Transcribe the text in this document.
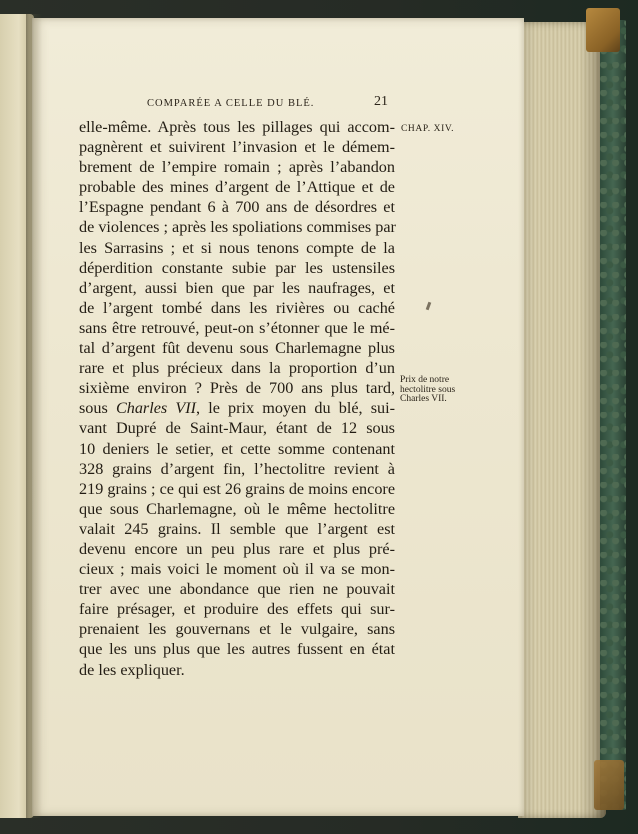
COMPARÉE A CELLE DU BLÉ.	21
CHAP. XIV.
Prix de notre
hectolitre sous
Charles VII.
elle-même. Après tous les pillages qui accom-
pagnèrent et suivirent l’invasion et le démem-
brement de l’empire romain ; après l’abandon
probable des mines d’argent de l’Attique et de
l’Espagne pendant 6 à 700 ans de désordres et
de violences ; après les spoliations commises par
les Sarrasins ; et si nous tenons compte de la
déperdition constante subie par les ustensiles
d’argent, aussi bien que par les naufrages, et
de l’argent tombé dans les rivières ou caché
sans être retrouvé, peut-on s’étonner que le mé-
tal d’argent fût devenu sous Charlemagne plus
rare et plus précieux dans la proportion d’un
sixième environ ? Près de 700 ans plus tard,
sous Charles VII, le prix moyen du blé, sui-
vant Dupré de Saint-Maur, étant de 12 sous
10 deniers le setier, et cette somme contenant
328 grains d’argent fin, l’hectolitre revient à
219 grains ; ce qui est 26 grains de moins encore
que sous Charlemagne, où le même hectolitre
valait 245 grains. Il semble que l’argent est
devenu encore un peu plus rare et plus pré-
cieux ; mais voici le moment où il va se mon-
trer avec une abondance que rien ne pouvait
faire présager, et produire des effets qui sur-
prenaient les gouvernans et le vulgaire, sans
que les uns plus que les autres fussent en état
de les expliquer.
